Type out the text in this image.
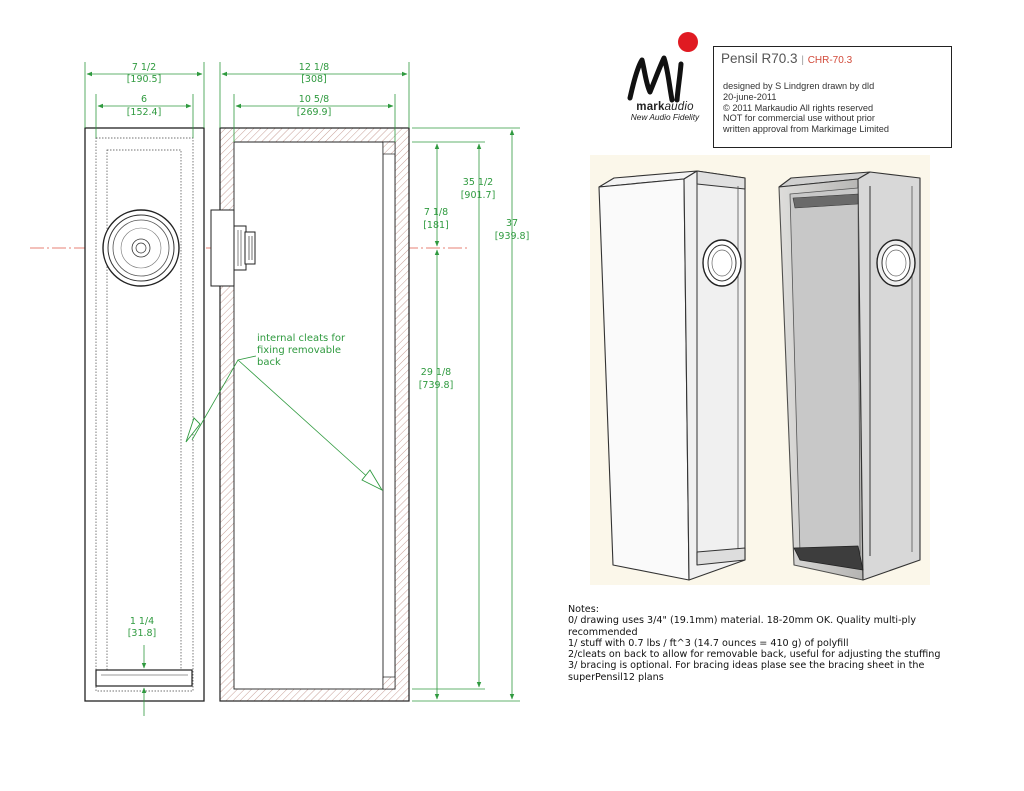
7 1/2
[190.5]
6
[152.4]
12 1/8
[308]
10 5/8
[269.9]
7 1/8
[181]
35 1/2
[901.7]
37
[939.8]
29 1/8
[739.8]
1 1/4
[31.8]
internal cleats for
fixing removable
back
markaudio
New Audio Fidelity
Pensil R70.3 | CHR-70.3
designed by S Lindgren drawn by dld
20-june-2011
© 2011 Markaudio All rights reserved
NOT for commercial use without prior
written approval from Markimage Limited
Notes:
0/ drawing uses 3/4" (19.1mm) material. 18-20mm OK. Quality multi-ply recommended
1/ stuff with 0.7 lbs / ft^3 (14.7 ounces = 410 g) of polyfill
2/cleats on back to allow for removable back, useful for adjusting the stuffing
3/ bracing is optional. For bracing ideas plase see the bracing sheet in the superPensil12 plans
